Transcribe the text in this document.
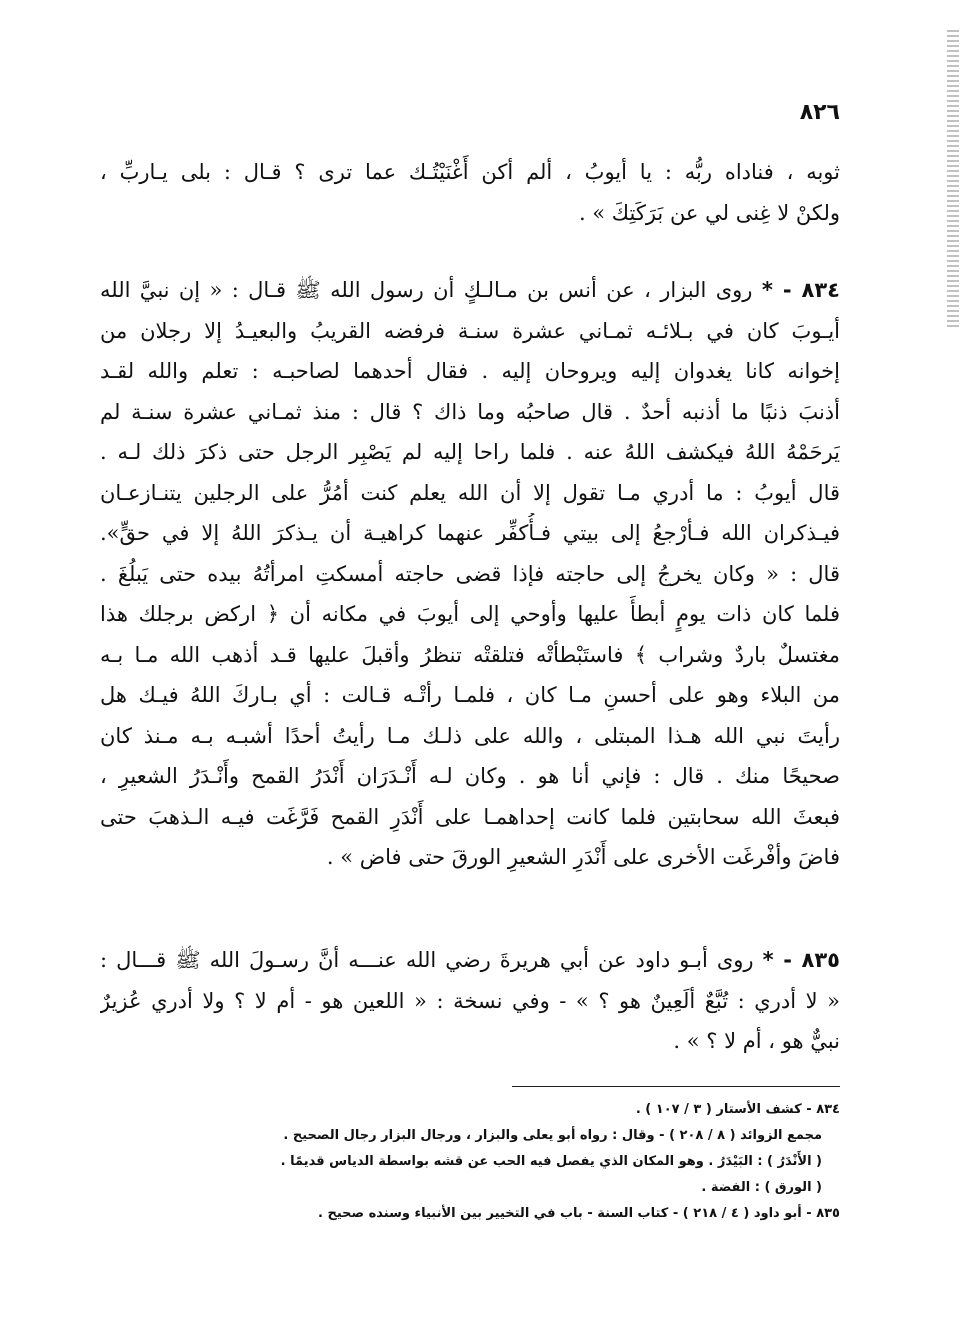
٨٢٦
ثوبه ، فناداه ربُّه : يا أيوبُ ، ألم أكن أَغْنَيْتُـك عما ترى ؟ قـال : بلى يـاربِّ ،
ولكنْ لا غِنى لي عن بَرَكَتِكَ » .
٨٣٤ - * روى البزار ، عن أنس بن مـالـكٍ أن رسول الله ﷺ قـال : « إن نبيَّ الله
أيـوبَ كان في بـلائـه ثمـاني عشرة سنـة فرفضه القريبُ والبعيـدُ إلا رجلان من
إخوانه كانا يغدوان إليه ويروحان إليه . فقال أحدهما لصاحبـه : تعلم والله لقـد
أذنبَ ذنبًا ما أذنبه أحدٌ . قال صاحبُه وما ذاك ؟ قال : منذ ثمـاني عشرة سنـة لم
يَرحَمْهُ اللهُ فيكشف اللهُ عنه . فلما راحا إليه لم يَصْبِر الرجل حتى ذكرَ ذلك لـه .
قال أيوبُ : ما أدري مـا تقول إلا أن الله يعلم كنت أمُرُّ على الرجلين يتنـازعـان
فيـذكران الله فـأرْجعُ إلى بيتي فـأُكفِّر عنهما كراهيـة أن يـذكرَ اللهُ إلا في حقٍّ».
قال : « وكان يخرجُ إلى حاجته فإذا قضى حاجته أمسكتِ امرأتُهُ بيده حتى يَبلُغَ .
فلما كان ذات يومٍ أبطأَ عليها وأوحي إلى أيوبَ في مكانه أن ﴿ اركض برجلك هذا
مغتسلٌ باردٌ وشراب ﴾ فاستَبْطأتْه فتلقتْه تنظرُ وأقبلَ عليها قـد أذهب الله مـا بـه
من البلاء وهو على أحسنِ مـا كان ، فلمـا رأتْـه قـالت : أي بـاركَ اللهُ فيـك هل
رأيتَ نبي الله هـذا المبتلى ، والله على ذلـك مـا رأيتُ أحدًا أشبـه بـه مـنذ كان
صحيحًا منك . قال : فإني أنا هو . وكان لـه أَنْـدَرَان أَنْدَرُ القمح وأَنْـدَرُ الشعيرِ ،
فبعثَ الله سحابتين فلما كانت إحداهمـا على أَنْدَرِ القمح فَرَّغَت فيـه الـذهبَ حتى
فاضَ وأفْرغَت الأخرى على أَنْدَرِ الشعيرِ الورقَ حتى فاض » .
٨٣٥ - * روى أبـو داود عن أبي هريرةَ رضي الله عنـــه أنَّ رسـولَ الله ﷺ قـــال :
« لا أدري : تُبَّعٌ ألَعِينٌ هو ؟ » - وفي نسخة : « اللعين هو - أم لا ؟ ولا أدري عُزيرٌ
نبيٌّ هو ، أم لا ؟ » .
٨٣٤ - كشف الأستار ( ٣ / ١٠٧ ) .
مجمع الزوائد ( ٨ / ٢٠٨ ) - وقال : رواه أبو يعلى والبزار ، ورجال البزار رجال الصحيح .
( الأَنْدَرُ ) : البَيْدَرُ . وهو المكان الذي يفصل فيه الحب عن قشه بواسطة الدياس قديمًا .
( الورق ) : الفضة .
٨٣٥ - أبو داود ( ٤ / ٢١٨ ) - كتاب السنة - باب في التخيير بين الأنبياء وسنده صحيح .
